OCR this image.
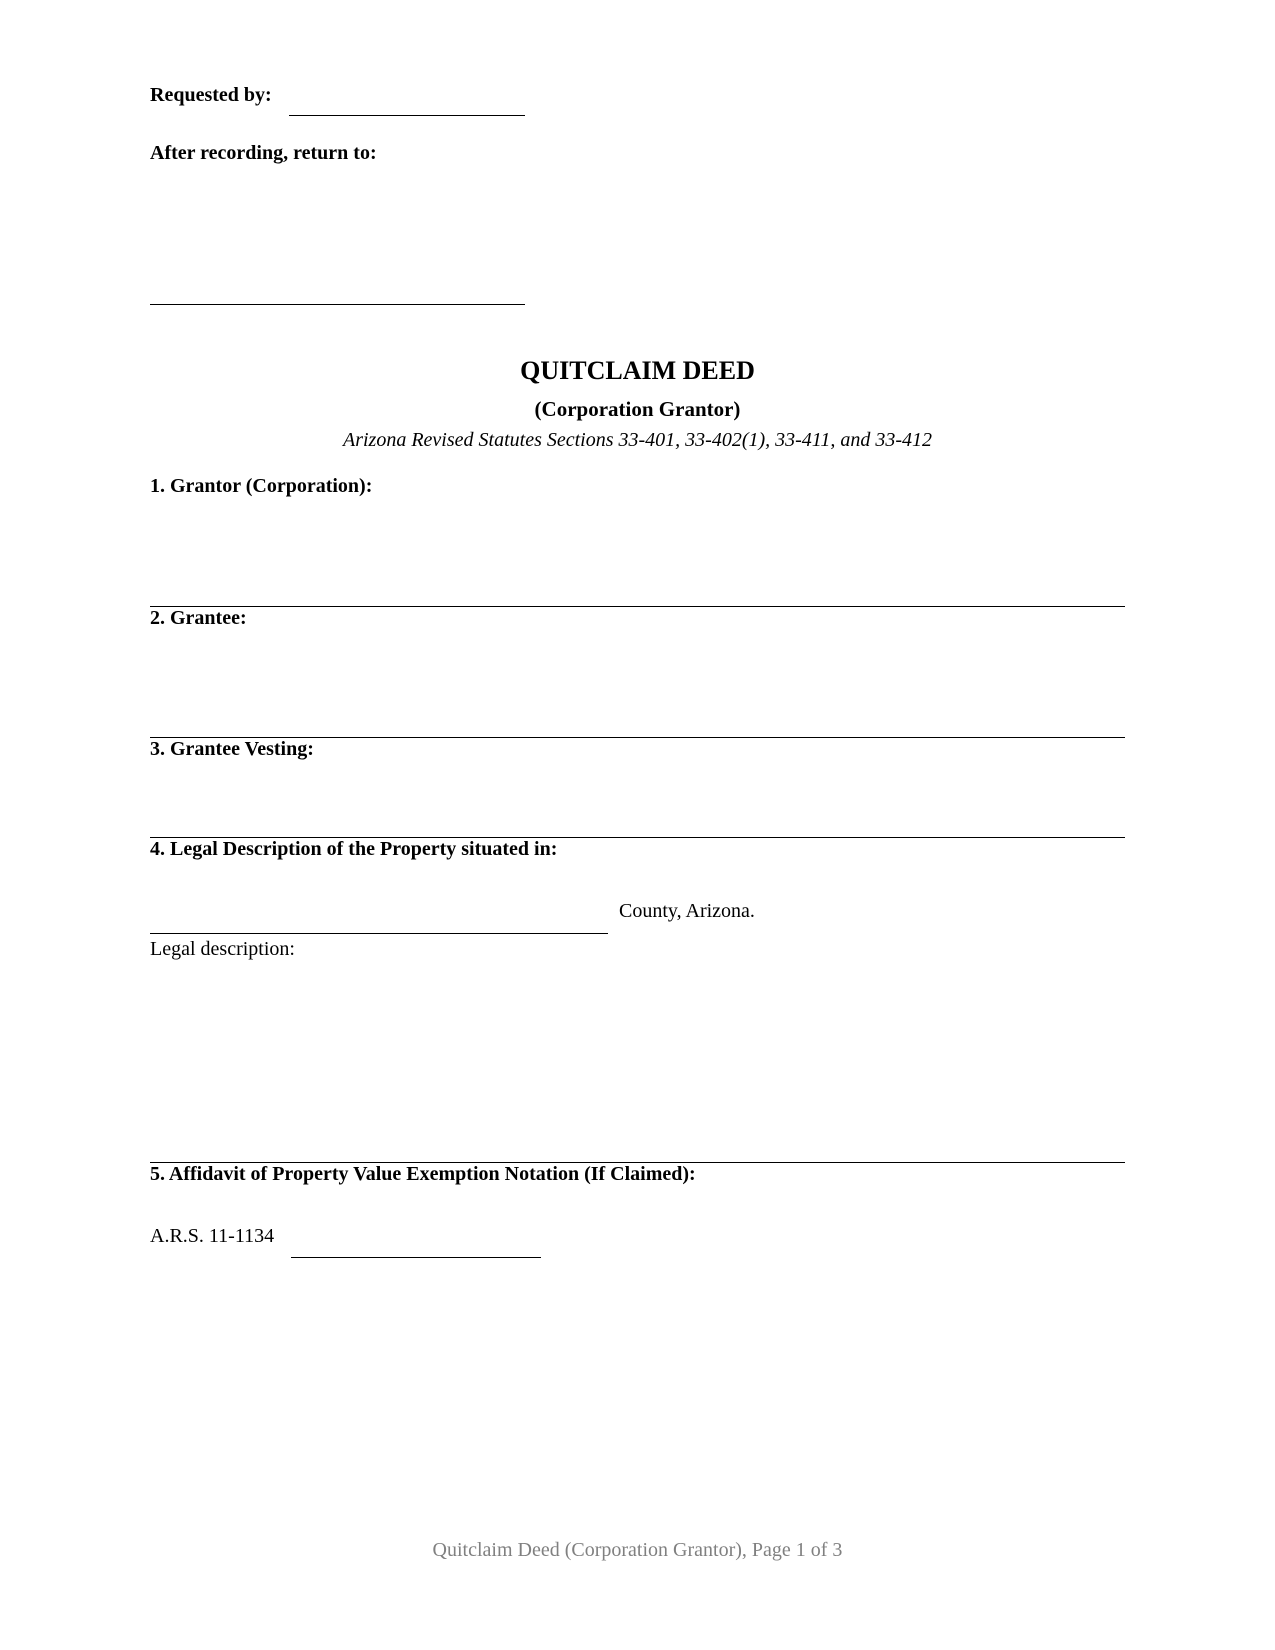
Requested by:
After recording, return to:
QUITCLAIM DEED
(Corporation Grantor)
Arizona Revised Statutes Sections 33-401, 33-402(1), 33-411, and 33-412
1. Grantor (Corporation):
2. Grantee:
3. Grantee Vesting:
4. Legal Description of the Property situated in:
County, Arizona.
Legal description:
5. Affidavit of Property Value Exemption Notation (If Claimed):
A.R.S. 11-1134
Quitclaim Deed (Corporation Grantor), Page 1 of 3
